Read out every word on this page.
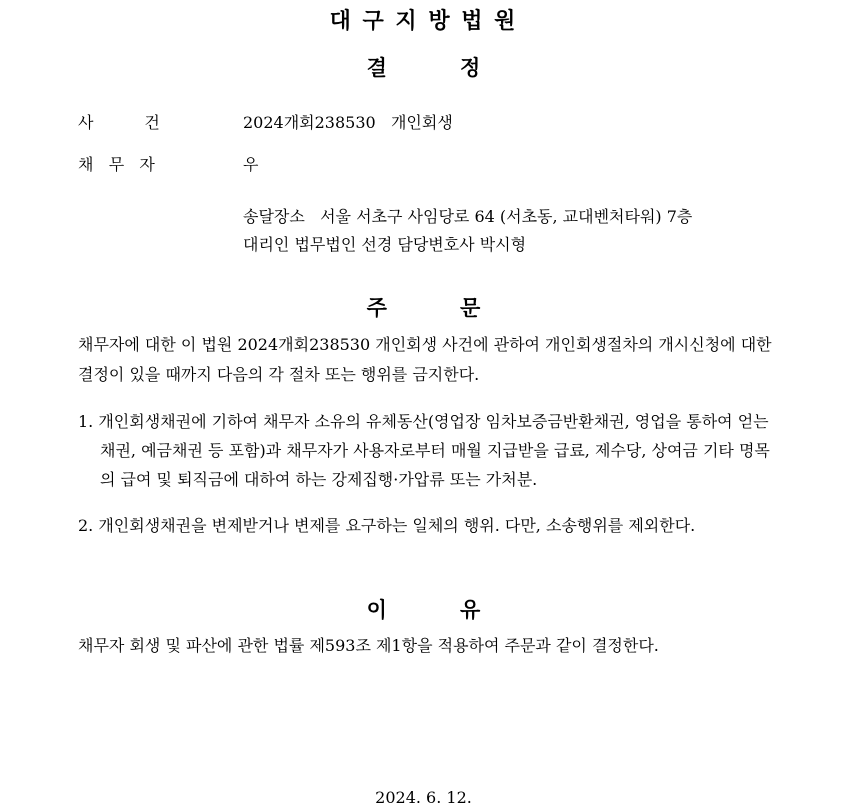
대 구 지 방 법 원
결          정
사          건	2024개회238530   개인회생
채   무   자	우
송달장소   서울 서초구 사임당로 64 (서초동, 교대벤처타워) 7층
대리인 법무법인 선경 담당변호사 박시형
주          문
채무자에 대한 이 법원 2024개회238530 개인회생 사건에 관하여 개인회생절차의 개시신청에 대한 결정이 있을 때까지 다음의 각 절차 또는 행위를 금지한다.
1. 개인회생채권에 기하여 채무자 소유의 유체동산(영업장 임차보증금반환채권, 영업을 통하여 얻는 채권, 예금채권 등 포함)과 채무자가 사용자로부터 매월 지급받을 급료, 제수당, 상여금 기타 명목의 급여 및 퇴직금에 대하여 하는 강제집행·가압류 또는 가처분.
2. 개인회생채권을 변제받거나 변제를 요구하는 일체의 행위. 다만, 소송행위를 제외한다.
이          유
채무자 회생 및 파산에 관한 법률 제593조 제1항을 적용하여 주문과 같이 결정한다.
2024. 6. 12.
